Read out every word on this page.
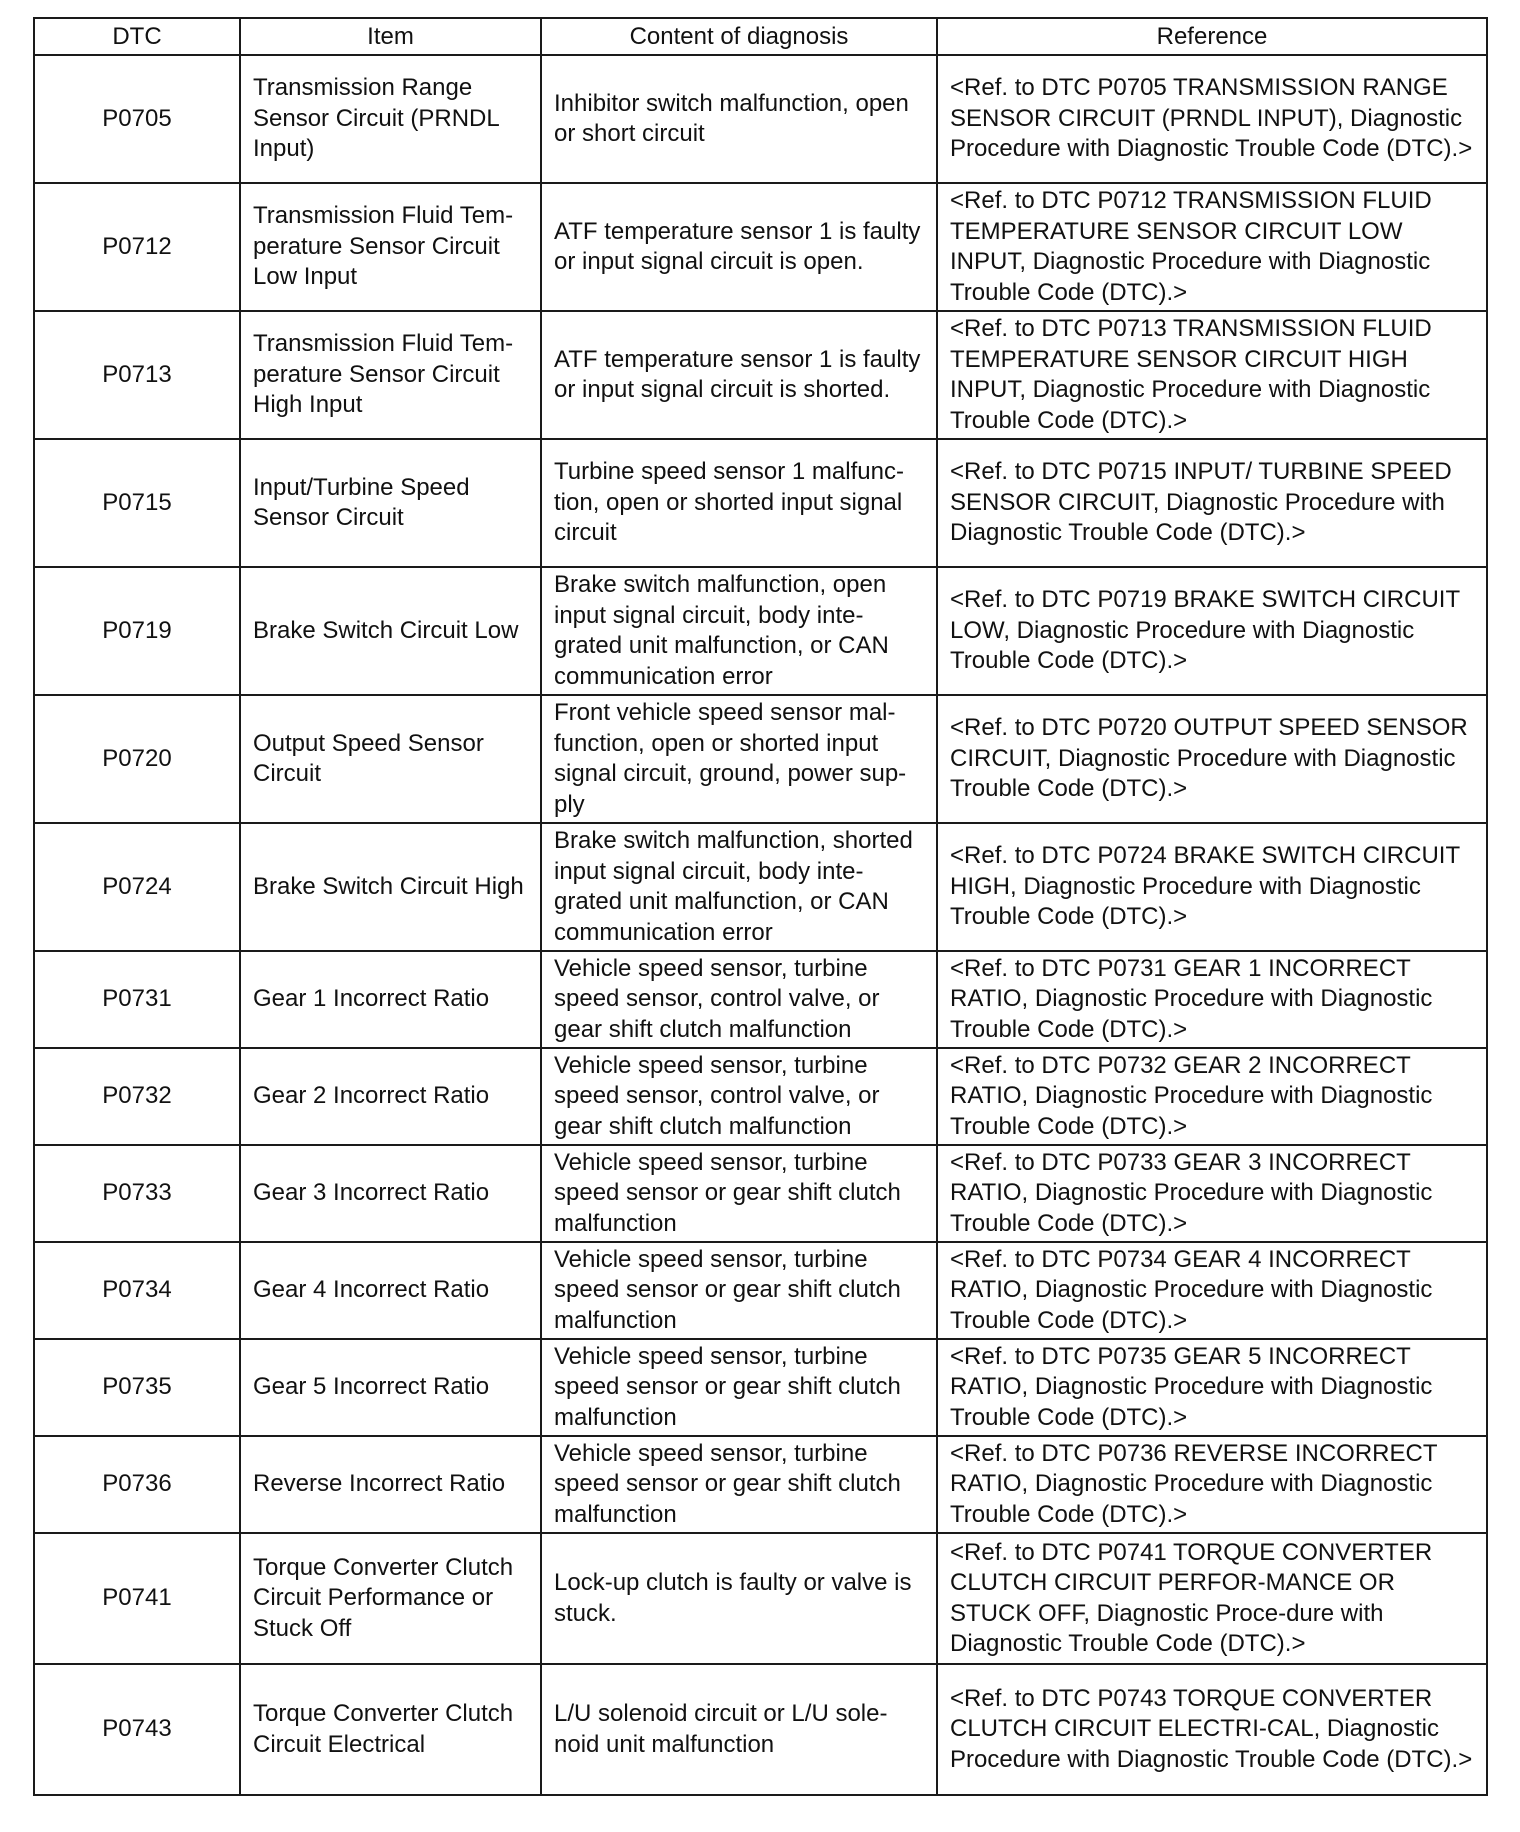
DTC	Item	Content of diagnosis	Reference
P0705	Transmission Range Sensor Circuit (PRNDL Input)	Inhibitor switch malfunction, open or short circuit	<Ref. to DTC P0705 TRANSMISSION RANGE SENSOR CIRCUIT (PRNDL INPUT), Diagnostic Procedure with Diagnostic Trouble Code (DTC).>
P0712	Transmission Fluid Tem-perature Sensor Circuit Low Input	ATF temperature sensor 1 is faulty or input signal circuit is open.	<Ref. to DTC P0712 TRANSMISSION FLUID TEMPERATURE SENSOR CIRCUIT LOW INPUT, Diagnostic Procedure with Diagnostic Trouble Code (DTC).>
P0713	Transmission Fluid Tem-perature Sensor Circuit High Input	ATF temperature sensor 1 is faulty or input signal circuit is shorted.	<Ref. to DTC P0713 TRANSMISSION FLUID TEMPERATURE SENSOR CIRCUIT HIGH INPUT, Diagnostic Procedure with Diagnostic Trouble Code (DTC).>
P0715	Input/Turbine Speed Sensor Circuit	Turbine speed sensor 1 malfunc-tion, open or shorted input signal circuit	<Ref. to DTC P0715 INPUT/ TURBINE SPEED SENSOR CIRCUIT, Diagnostic Procedure with Diagnostic Trouble Code (DTC).>
P0719	Brake Switch Circuit Low	Brake switch malfunction, open input signal circuit, body inte-grated unit malfunction, or CAN communication error	<Ref. to DTC P0719 BRAKE SWITCH CIRCUIT LOW, Diagnostic Procedure with Diagnostic Trouble Code (DTC).>
P0720	Output Speed Sensor Circuit	Front vehicle speed sensor mal-function, open or shorted input signal circuit, ground, power sup-ply	<Ref. to DTC P0720 OUTPUT SPEED SENSOR CIRCUIT, Diagnostic Procedure with Diagnostic Trouble Code (DTC).>
P0724	Brake Switch Circuit High	Brake switch malfunction, shorted input signal circuit, body inte-grated unit malfunction, or CAN communication error	<Ref. to DTC P0724 BRAKE SWITCH CIRCUIT HIGH, Diagnostic Procedure with Diagnostic Trouble Code (DTC).>
P0731	Gear 1 Incorrect Ratio	Vehicle speed sensor, turbine speed sensor, control valve, or gear shift clutch malfunction	<Ref. to DTC P0731 GEAR 1 INCORRECT RATIO, Diagnostic Procedure with Diagnostic Trouble Code (DTC).>
P0732	Gear 2 Incorrect Ratio	Vehicle speed sensor, turbine speed sensor, control valve, or gear shift clutch malfunction	<Ref. to DTC P0732 GEAR 2 INCORRECT RATIO, Diagnostic Procedure with Diagnostic Trouble Code (DTC).>
P0733	Gear 3 Incorrect Ratio	Vehicle speed sensor, turbine speed sensor or gear shift clutch malfunction	<Ref. to DTC P0733 GEAR 3 INCORRECT RATIO, Diagnostic Procedure with Diagnostic Trouble Code (DTC).>
P0734	Gear 4 Incorrect Ratio	Vehicle speed sensor, turbine speed sensor or gear shift clutch malfunction	<Ref. to DTC P0734 GEAR 4 INCORRECT RATIO, Diagnostic Procedure with Diagnostic Trouble Code (DTC).>
P0735	Gear 5 Incorrect Ratio	Vehicle speed sensor, turbine speed sensor or gear shift clutch malfunction	<Ref. to DTC P0735 GEAR 5 INCORRECT RATIO, Diagnostic Procedure with Diagnostic Trouble Code (DTC).>
P0736	Reverse Incorrect Ratio	Vehicle speed sensor, turbine speed sensor or gear shift clutch malfunction	<Ref. to DTC P0736 REVERSE INCORRECT RATIO, Diagnostic Procedure with Diagnostic Trouble Code (DTC).>
P0741	Torque Converter Clutch Circuit Performance or Stuck Off	Lock-up clutch is faulty or valve is stuck.	<Ref. to DTC P0741 TORQUE CONVERTER CLUTCH CIRCUIT PERFOR-MANCE OR STUCK OFF, Diagnostic Proce-dure with Diagnostic Trouble Code (DTC).>
P0743	Torque Converter Clutch Circuit Electrical	L/U solenoid circuit or L/U sole-noid unit malfunction	<Ref. to DTC P0743 TORQUE CONVERTER CLUTCH CIRCUIT ELECTRI-CAL, Diagnostic Procedure with Diagnostic Trouble Code (DTC).>
